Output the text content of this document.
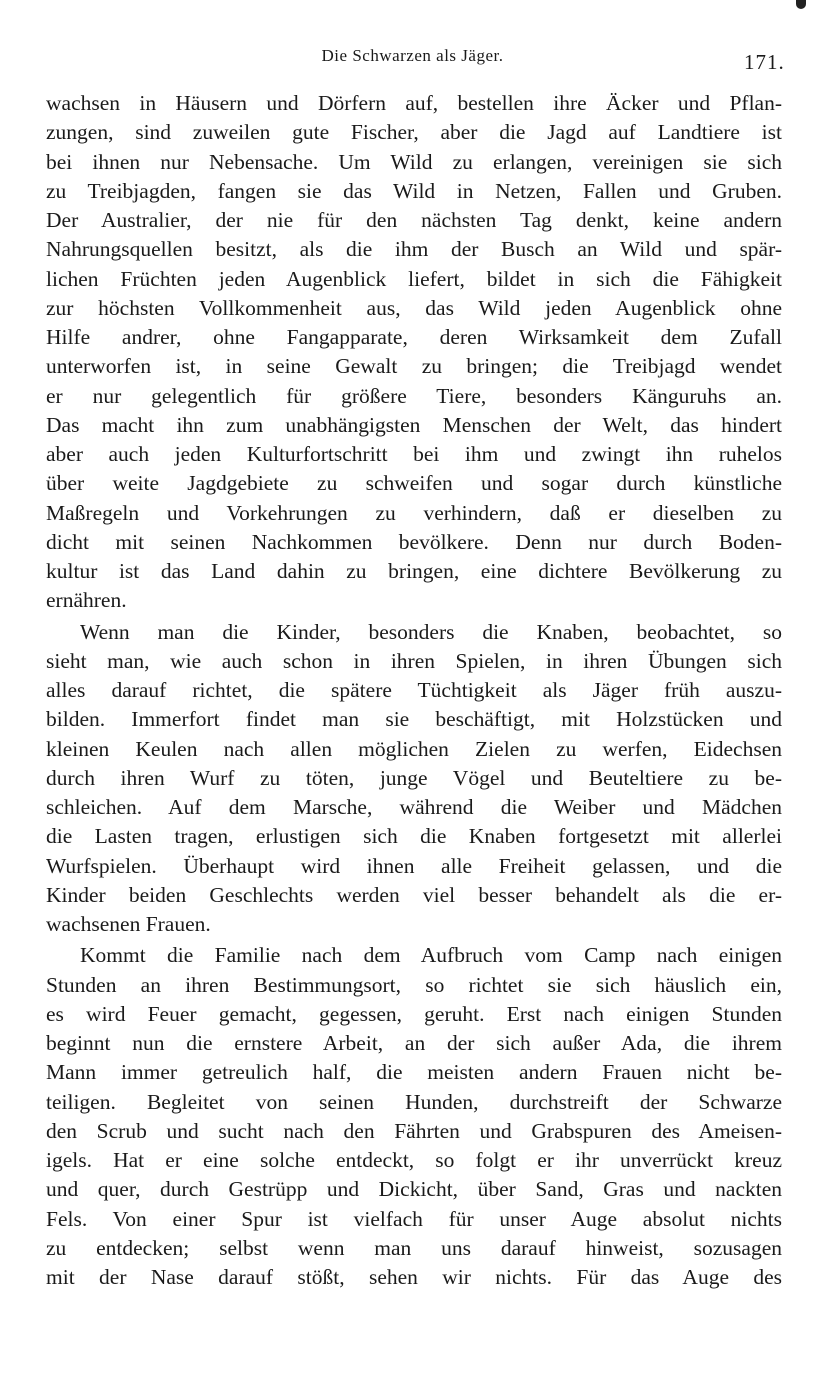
Die Schwarzen als Jäger.	171.
wachsen in Häusern und Dörfern auf, bestellen ihre Äcker und Pflan-
zungen, sind zuweilen gute Fischer, aber die Jagd auf Landtiere ist
bei ihnen nur Nebensache. Um Wild zu erlangen, vereinigen sie sich
zu Treibjagden, fangen sie das Wild in Netzen, Fallen und Gruben.
Der Australier, der nie für den nächsten Tag denkt, keine andern
Nahrungsquellen besitzt, als die ihm der Busch an Wild und spär-
lichen Früchten jeden Augenblick liefert, bildet in sich die Fähigkeit
zur höchsten Vollkommenheit aus, das Wild jeden Augenblick ohne
Hilfe andrer, ohne Fangapparate, deren Wirksamkeit dem Zufall
unterworfen ist, in seine Gewalt zu bringen; die Treibjagd wendet
er nur gelegentlich für größere Tiere, besonders Känguruhs an.
Das macht ihn zum unabhängigsten Menschen der Welt, das hindert
aber auch jeden Kulturfortschritt bei ihm und zwingt ihn ruhelos
über weite Jagdgebiete zu schweifen und sogar durch künstliche
Maßregeln und Vorkehrungen zu verhindern, daß er dieselben zu
dicht mit seinen Nachkommen bevölkere. Denn nur durch Boden-
kultur ist das Land dahin zu bringen, eine dichtere Bevölkerung zu
ernähren.
Wenn man die Kinder, besonders die Knaben, beobachtet, so
sieht man, wie auch schon in ihren Spielen, in ihren Übungen sich
alles darauf richtet, die spätere Tüchtigkeit als Jäger früh auszu-
bilden. Immerfort findet man sie beschäftigt, mit Holzstücken und
kleinen Keulen nach allen möglichen Zielen zu werfen, Eidechsen
durch ihren Wurf zu töten, junge Vögel und Beuteltiere zu be-
schleichen. Auf dem Marsche, während die Weiber und Mädchen
die Lasten tragen, erlustigen sich die Knaben fortgesetzt mit allerlei
Wurfspielen. Überhaupt wird ihnen alle Freiheit gelassen, und die
Kinder beiden Geschlechts werden viel besser behandelt als die er-
wachsenen Frauen.
Kommt die Familie nach dem Aufbruch vom Camp nach einigen
Stunden an ihren Bestimmungsort, so richtet sie sich häuslich ein,
es wird Feuer gemacht, gegessen, geruht. Erst nach einigen Stunden
beginnt nun die ernstere Arbeit, an der sich außer Ada, die ihrem
Mann immer getreulich half, die meisten andern Frauen nicht be-
teiligen. Begleitet von seinen Hunden, durchstreift der Schwarze
den Scrub und sucht nach den Fährten und Grabspuren des Ameisen-
igels. Hat er eine solche entdeckt, so folgt er ihr unverrückt kreuz
und quer, durch Gestrüpp und Dickicht, über Sand, Gras und nackten
Fels. Von einer Spur ist vielfach für unser Auge absolut nichts
zu entdecken; selbst wenn man uns darauf hinweist, sozusagen
mit der Nase darauf stößt, sehen wir nichts. Für das Auge des
